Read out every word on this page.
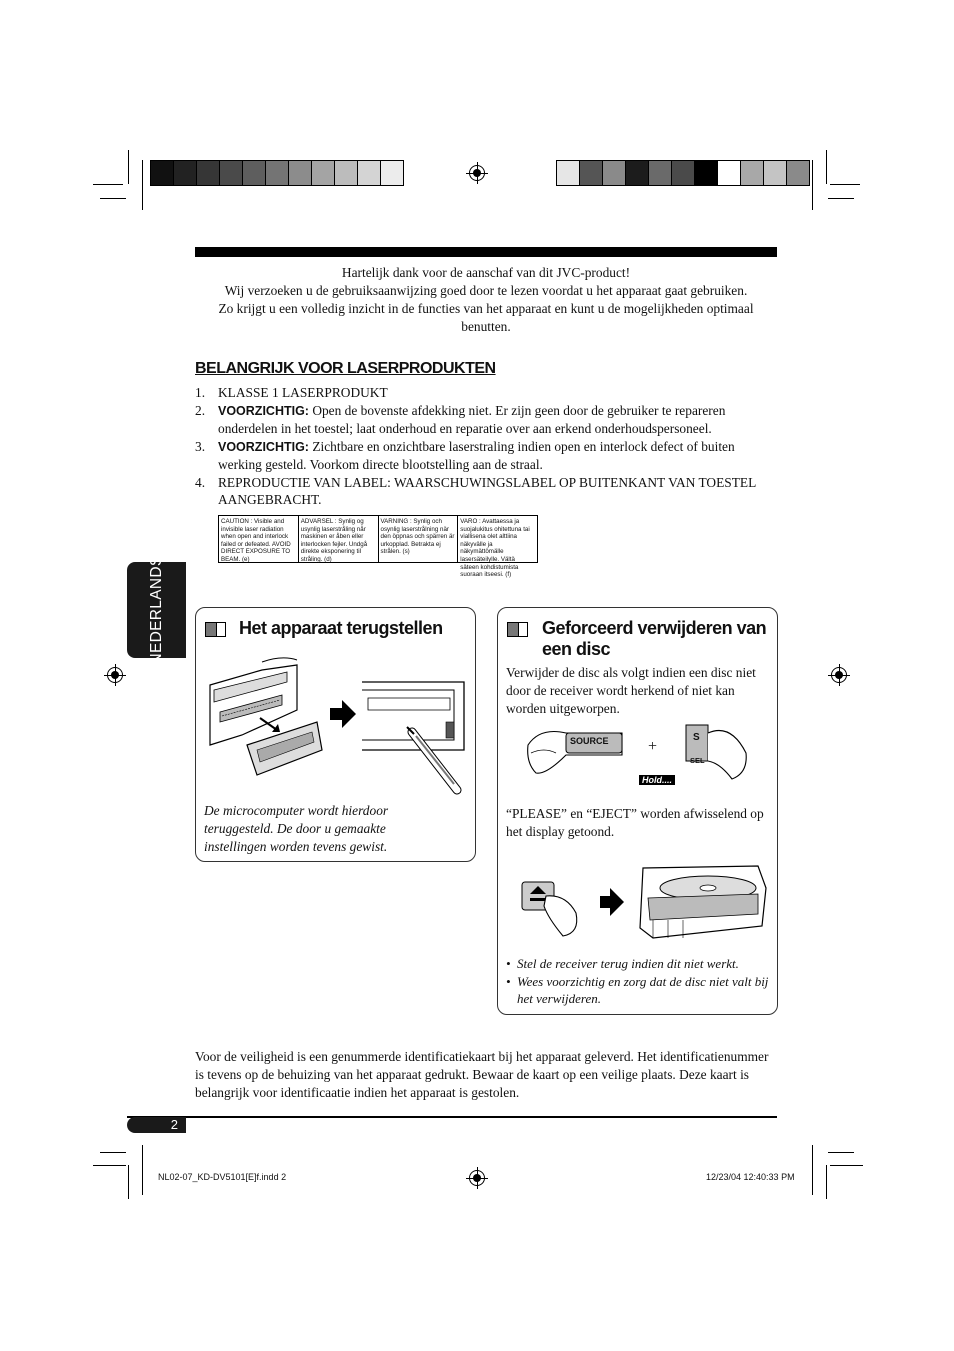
Hartelijk dank voor de aanschaf van dit JVC-product!
Wij verzoeken u de gebruiksaanwijzing goed door te lezen voordat u het apparaat gaat gebruiken.
Zo krijgt u een volledig inzicht in de functies van het apparaat en kunt u de mogelijkheden optimaal benutten.
BELANGRIJK VOOR LASERPRODUKTEN
1. KLASSE 1 LASERPRODUKT
2. VOORZICHTIG: Open de bovenste afdekking niet. Er zijn geen door de gebruiker te repareren onderdelen in het toestel; laat onderhoud en reparatie over aan erkend onderhoudspersoneel.
3. VOORZICHTIG: Zichtbare en onzichtbare laserstraling indien open en interlock defect of buiten werking gesteld. Voorkom directe blootstelling aan de straal.
4. REPRODUCTIE VAN LABEL: WAARSCHUWINGSLABEL OP BUITENKANT VAN TOESTEL AANGEBRACHT.
CAUTION : Visible and invisible laser radiation when open and interlock failed or defeated. AVOID DIRECT EXPOSURE TO BEAM. (e)
ADVARSEL : Synlig og usynlig laserstråling når maskinen er åben eller interlocken fejler. Undgå direkte eksponering til stråling. (d)
VARNING : Synlig och osynlig laserstrålning när den öppnas och spärren är urkopplad. Betrakta ej strålen. (s)
VARO : Avattaessa ja suojalukitus ohitettuna tai viallisena olet alttiina näkyvälle ja näkymättömälle lasersäteilylle. Vältä säteen kohdistumista suoraan itseesi. (f)
NEDERLANDS	Het apparaat terugstellen
De microcomputer wordt hierdoor teruggesteld. De door u gemaakte instellingen worden tevens gewist.
Geforceerd verwijderen van een disc
Verwijder de disc als volgt indien een disc niet door de receiver wordt herkend of niet kan worden uitgeworpen.
SOURCE +
S
SEL
Hold....
“PLEASE” en “EJECT” worden afwisselend op het display getoond.
• Stel de receiver terug indien dit niet werkt.
• Wees voorzichtig en zorg dat de disc niet valt bij het verwijderen.
Voor de veiligheid is een genummerde identificatiekaart bij het apparaat geleverd. Het identificatienummer is tevens op de behuizing van het apparaat gedrukt. Bewaar de kaart op een veilige plaats. Deze kaart is belangrijk voor identificaatie indien het apparaat is gestolen.
2
NL02-07_KD-DV5101[E]f.indd 2	12/23/04 12:40:33 PM
